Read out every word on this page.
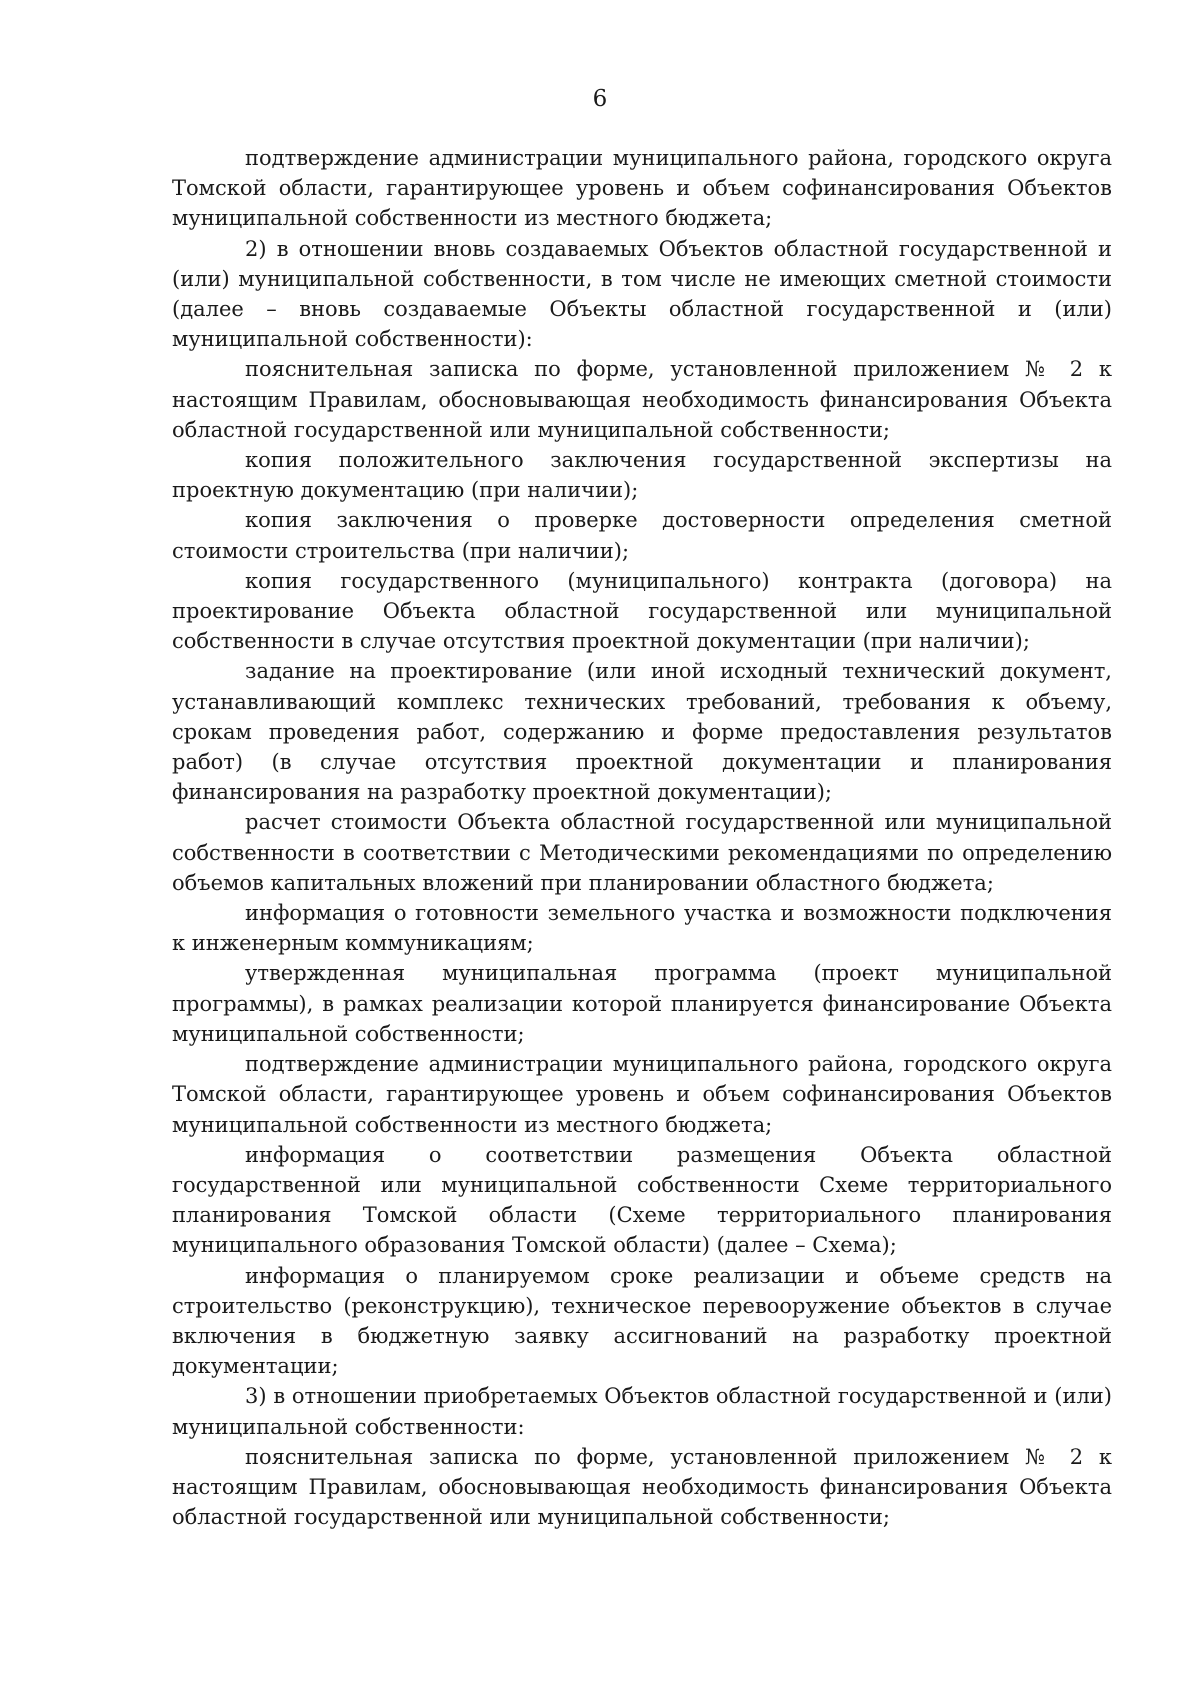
6

подтверждение администрации муниципального района, городского округа Томской области, гарантирующее уровень и объем софинансирования Объектов муниципальной собственности из местного бюджета;

2) в отношении вновь создаваемых Объектов областной государственной и (или) муниципальной собственности, в том числе не имеющих сметной стоимости (далее – вновь создаваемые Объекты областной государственной и (или) муниципальной собственности):

пояснительная записка по форме, установленной приложением № 2 к настоящим Правилам, обосновывающая необходимость финансирования Объекта областной государственной или муниципальной собственности;

копия положительного заключения государственной экспертизы на проектную документацию (при наличии);

копия заключения о проверке достоверности определения сметной стоимости строительства (при наличии);

копия государственного (муниципального) контракта (договора) на проектирование Объекта областной государственной или муниципальной собственности в случае отсутствия проектной документации (при наличии);

задание на проектирование (или иной исходный технический документ, устанавливающий комплекс технических требований, требования к объему, срокам проведения работ, содержанию и форме предоставления результатов работ) (в случае отсутствия проектной документации и планирования финансирования на разработку проектной документации);

расчет стоимости Объекта областной государственной или муниципальной собственности в соответствии с Методическими рекомендациями по определению объемов капитальных вложений при планировании областного бюджета;

информация о готовности земельного участка и возможности подключения к инженерным коммуникациям;

утвержденная муниципальная программа (проект муниципальной программы), в рамках реализации которой планируется финансирование Объекта муниципальной собственности;

подтверждение администрации муниципального района, городского округа Томской области, гарантирующее уровень и объем софинансирования Объектов муниципальной собственности из местного бюджета;

информация о соответствии размещения Объекта областной государственной или муниципальной собственности Схеме территориального планирования Томской области (Схеме территориального планирования муниципального образования Томской области) (далее – Схема);

информация о планируемом сроке реализации и объеме средств на строительство (реконструкцию), техническое перевооружение объектов в случае включения в бюджетную заявку ассигнований на разработку проектной документации;

3) в отношении приобретаемых Объектов областной государственной и (или) муниципальной собственности:

пояснительная записка по форме, установленной приложением № 2 к настоящим Правилам, обосновывающая необходимость финансирования Объекта областной государственной или муниципальной собственности;
